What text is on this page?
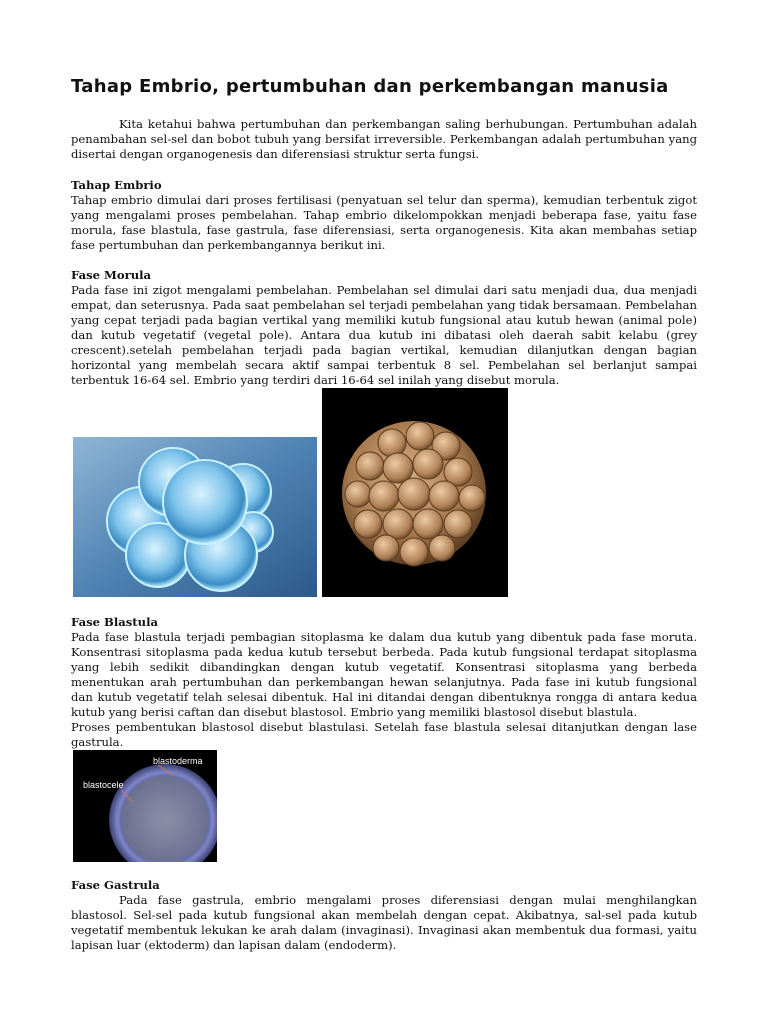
Tahap Embrio, pertumbuhan dan perkembangan manusia

Kita ketahui bahwa pertumbuhan dan perkembangan saling berhubungan. Pertumbuhan adalah penambahan sel-sel dan bobot tubuh yang bersifat irreversible. Perkembangan adalah pertumbuhan yang disertai dengan organogenesis dan diferensiasi struktur serta fungsi.

Tahap Embrio

Tahap embrio dimulai dari proses fertilisasi (penyatuan sel telur dan sperma), kemudian terbentuk zigot yang mengalami proses pembelahan. Tahap embrio dikelompokkan menjadi beberapa fase, yaitu fase morula, fase blastula, fase gastrula, fase diferensiasi, serta organogenesis. Kita akan membahas setiap fase pertumbuhan dan perkembangannya berikut ini.

Fase Morula

Pada fase ini zigot mengalami pembelahan. Pembelahan sel dimulai dari satu menjadi dua, dua menjadi empat, dan seterusnya. Pada saat pembelahan sel terjadi pembelahan yang tidak bersamaan. Pembelahan yang cepat terjadi pada bagian vertikal yang memiliki kutub fungsional atau kutub hewan (animal pole) dan kutub vegetatif (vegetal pole). Antara dua kutub ini dibatasi oleh daerah sabit kelabu (grey crescent).setelah pembelahan terjadi pada bagian vertikal, kemudian dilanjutkan dengan bagian horizontal yang membelah secara aktif sampai terbentuk 8 sel. Pembelahan sel berlanjut sampai terbentuk 16-64 sel. Embrio yang terdiri dari 16-64 sel inilah yang disebut morula.

Fase Blastula

Pada fase blastula terjadi pembagian sitoplasma ke dalam dua kutub yang dibentuk pada fase moruta. Konsentrasi sitoplasma pada kedua kutub tersebut berbeda. Pada kutub fungsional terdapat sitoplasma yang lebih sedikit dibandingkan dengan kutub vegetatif. Konsentrasi sitoplasma yang berbeda menentukan arah pertumbuhan dan perkembangan hewan selanjutnya. Pada fase ini kutub fungsional dan kutub vegetatif telah selesai dibentuk. Hal ini ditandai dengan dibentuknya rongga di antara kedua kutub yang berisi caftan dan disebut blastosol. Embrio yang memiliki blastosol disebut blastula.

Proses pembentukan blastosol disebut blastulasi. Setelah fase blastula selesai ditanjutkan dengan lase gastrula.

blastoderma
blastocele

Fase Gastrula

Pada fase gastrula, embrio mengalami proses diferensiasi dengan mulai menghilangkan blastosol. Sel-sel pada kutub fungsional akan membelah dengan cepat. Akibatnya, sal-sel pada kutub vegetatif membentuk lekukan ke arah dalam (invaginasi). Invaginasi akan membentuk dua formasi, yaitu lapisan luar (ektoderm) dan lapisan dalam (endoderm).
